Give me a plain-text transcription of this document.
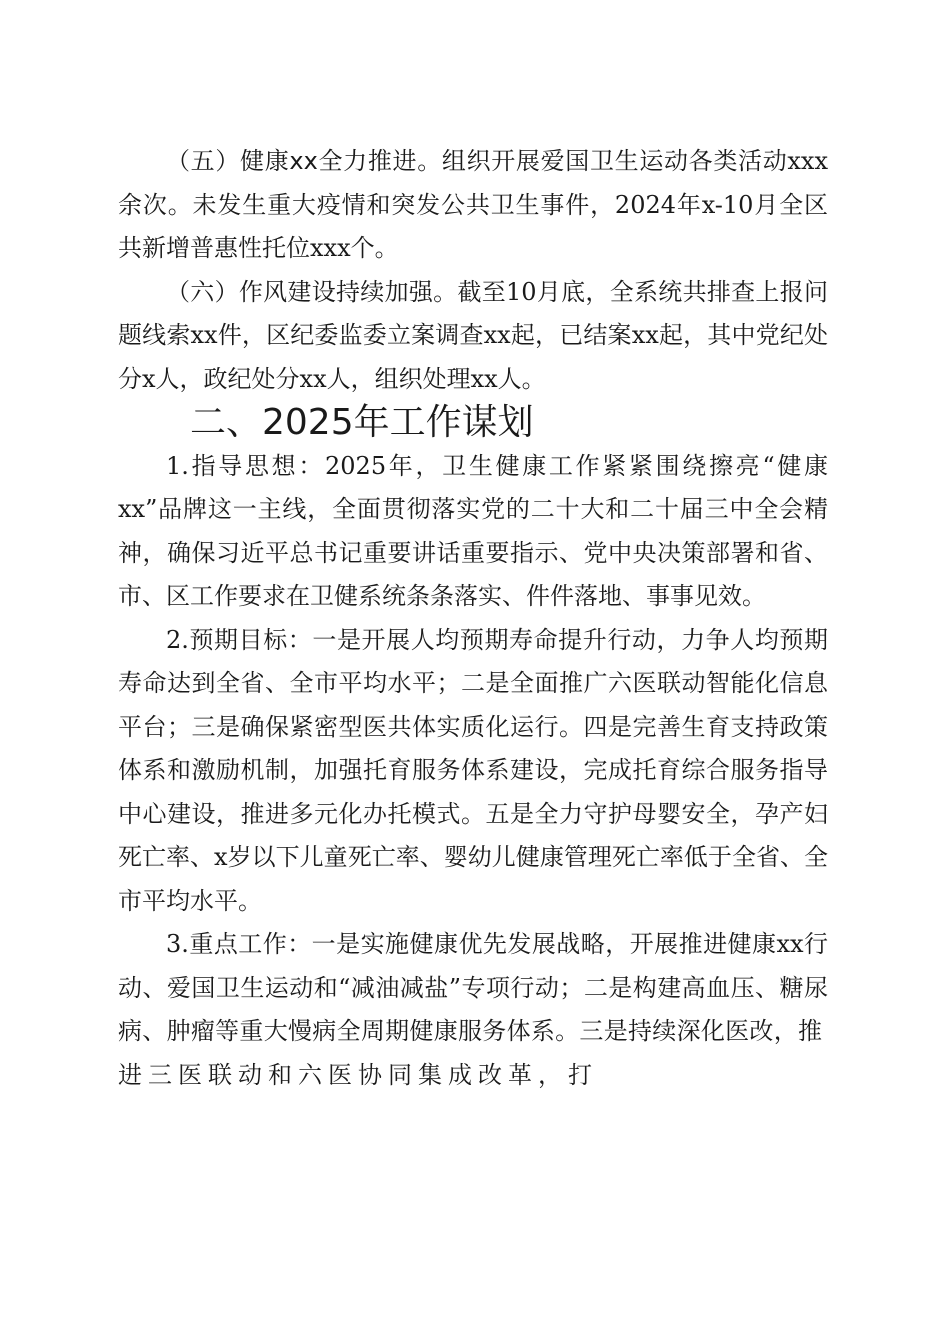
（五）健康xx全力推进。组织开展爱国卫生运动各类活动xxx余次。未发生重大疫情和突发公共卫生事件，2024年x-10月全区共新增普惠性托位xxx个。

（六）作风建设持续加强。截至10月底，全系统共排查上报问题线索xx件，区纪委监委立案调查xx起，已结案xx起，其中党纪处分x人，政纪处分xx人，组织处理xx人。

二、2025年工作谋划

1.指导思想：2025年，卫生健康工作紧紧围绕擦亮“健康xx”品牌这一主线，全面贯彻落实党的二十大和二十届三中全会精神，确保习近平总书记重要讲话重要指示、党中央决策部署和省、市、区工作要求在卫健系统条条落实、件件落地、事事见效。

2.预期目标：一是开展人均预期寿命提升行动，力争人均预期寿命达到全省、全市平均水平；二是全面推广六医联动智能化信息平台；三是确保紧密型医共体实质化运行。四是完善生育支持政策体系和激励机制，加强托育服务体系建设，完成托育综合服务指导中心建设，推进多元化办托模式。五是全力守护母婴安全，孕产妇死亡率、x岁以下儿童死亡率、婴幼儿健康管理死亡率低于全省、全市平均水平。

3.重点工作：一是实施健康优先发展战略，开展推进健康xx行动、爱国卫生运动和“减油减盐”专项行动；二是构建高血压、糖尿病、肿瘤等重大慢病全周期健康服务体系。三是持续深化医改，推进三医联动和六医协同集成改革，打
